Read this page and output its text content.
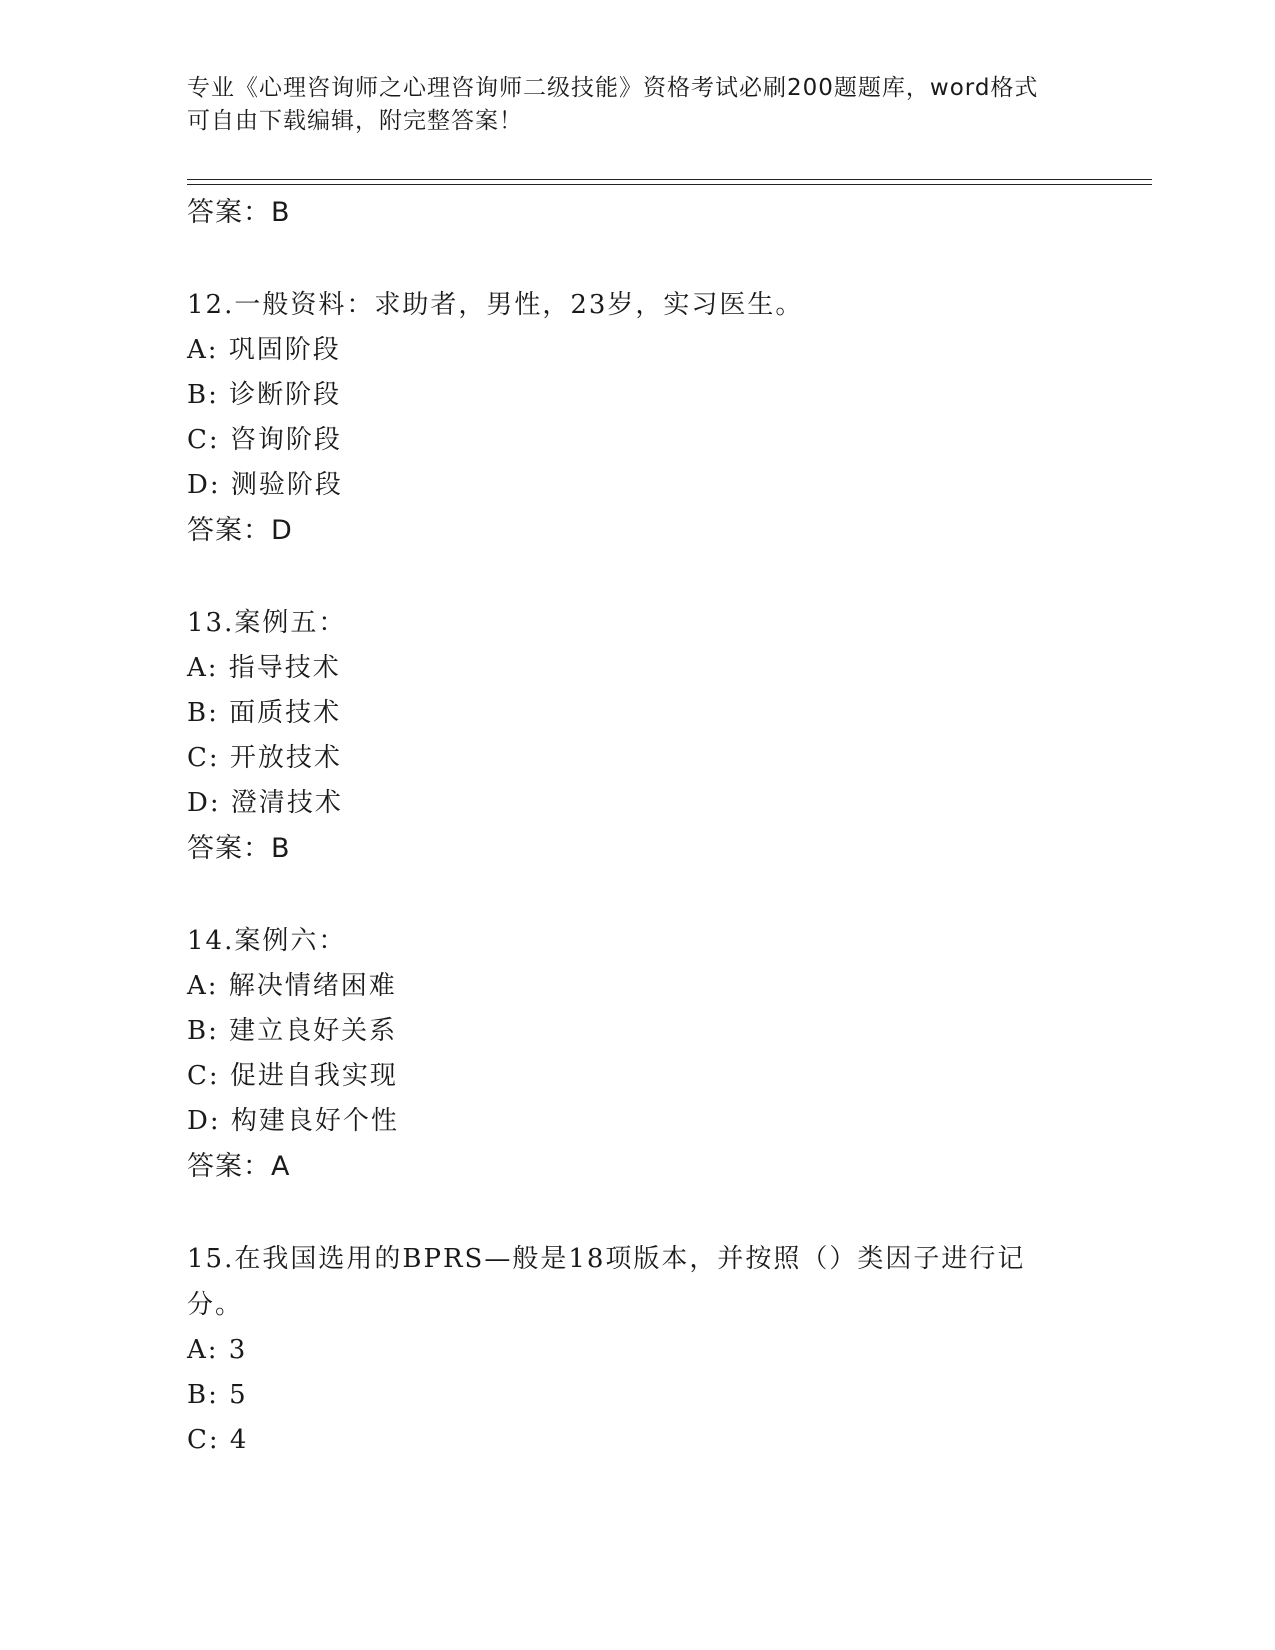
专业《心理咨询师之心理咨询师二级技能》资格考试必刷200题题库，word格式
可自由下载编辑，附完整答案！
答案：B
12.一般资料：求助者，男性，23岁，实习医生。
A: 巩固阶段
B: 诊断阶段
C: 咨询阶段
D: 测验阶段
答案：D
13.案例五：
A: 指导技术
B: 面质技术
C: 开放技术
D: 澄清技术
答案：B
14.案例六：
A: 解决情绪困难
B: 建立良好关系
C: 促进自我实现
D: 构建良好个性
答案：A
15.在我国选用的BPRS—般是18项版本，并按照（）类因子进行记分。
A: 3
B: 5
C: 4
